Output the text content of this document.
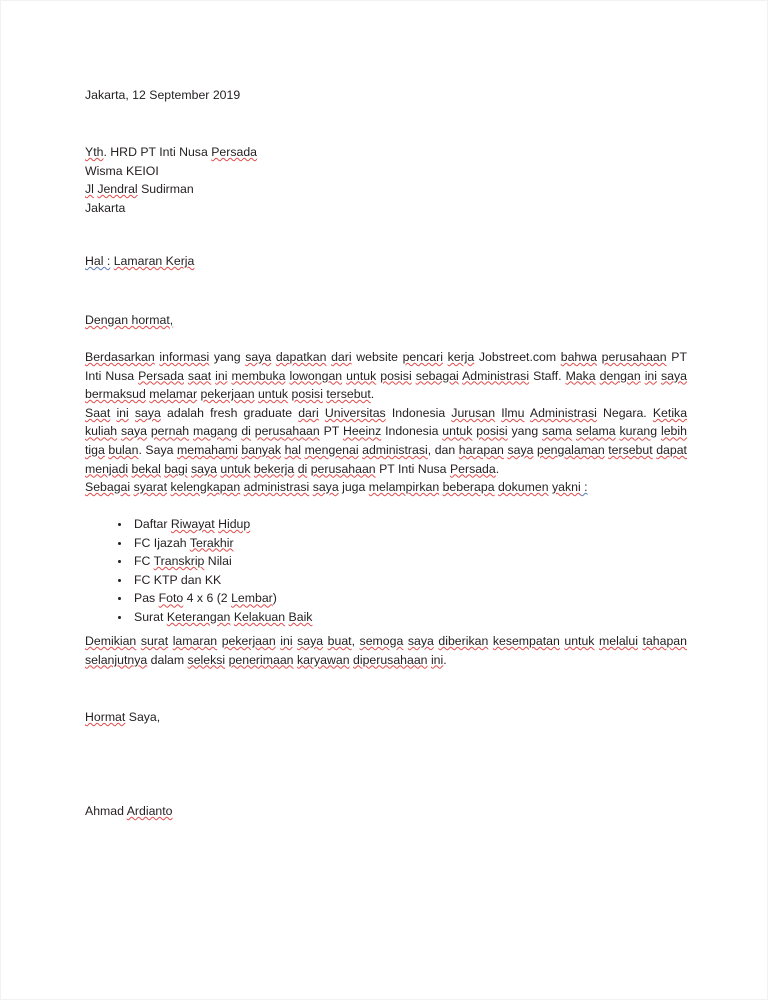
Jakarta, 12 September 2019
Yth. HRD PT Inti Nusa Persada
Wisma KEIOI
Jl Jendral Sudirman
Jakarta
Hal : Lamaran Kerja
Dengan hormat,

Berdasarkan informasi yang saya dapatkan dari website pencari kerja Jobstreet.com bahwa perusahaan PT Inti Nusa Persada saat ini membuka lowongan untuk posisi sebagai Administrasi Staff. Maka dengan ini saya bermaksud melamar pekerjaan untuk posisi tersebut.

Saat ini saya adalah fresh graduate dari Universitas Indonesia Jurusan Ilmu Administrasi Negara. Ketika kuliah saya pernah magang di perusahaan PT Heeinz Indonesia untuk posisi yang sama selama kurang lebih tiga bulan. Saya memahami banyak hal mengenai administrasi, dan harapan saya pengalaman tersebut dapat menjadi bekal bagi saya untuk bekerja di perusahaan PT Inti Nusa Persada.

Sebagai syarat kelengkapan administrasi saya juga melampirkan beberapa dokumen yakni :

• Daftar Riwayat Hidup
• FC Ijazah Terakhir
• FC Transkrip Nilai
• FC KTP dan KK
• Pas Foto 4 x 6 (2 Lembar)
• Surat Keterangan Kelakuan Baik

Demikian surat lamaran pekerjaan ini saya buat, semoga saya diberikan kesempatan untuk melalui tahapan selanjutnya dalam seleksi penerimaan karyawan diperusahaan ini.

Hormat Saya,
Ahmad Ardianto
